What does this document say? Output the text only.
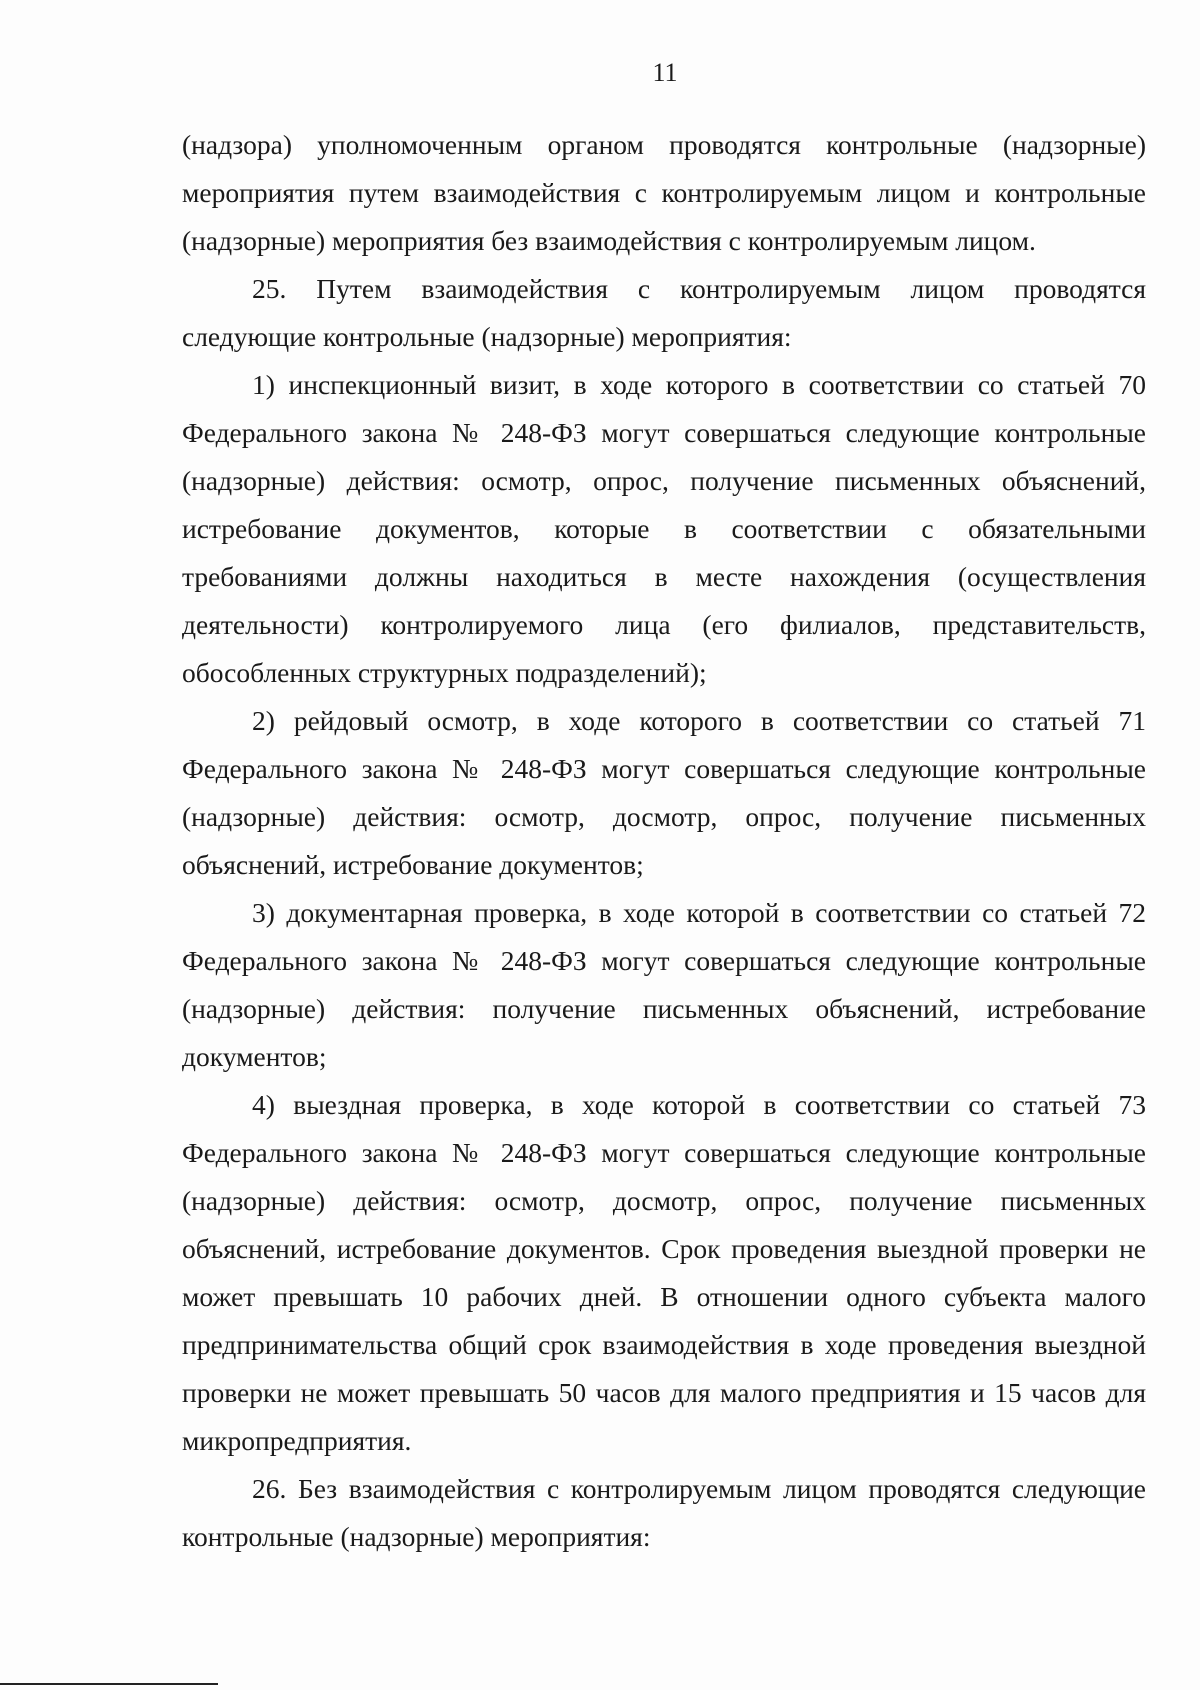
11

(надзора) уполномоченным органом проводятся контрольные (надзорные) мероприятия путем взаимодействия с контролируемым лицом и контрольные (надзорные) мероприятия без взаимодействия с контролируемым лицом.

25. Путем взаимодействия с контролируемым лицом проводятся следующие контрольные (надзорные) мероприятия:

1) инспекционный визит, в ходе которого в соответствии со статьей 70 Федерального закона № 248-ФЗ могут совершаться следующие контрольные (надзорные) действия: осмотр, опрос, получение письменных объяснений, истребование документов, которые в соответствии с обязательными требованиями должны находиться в месте нахождения (осуществления деятельности) контролируемого лица (его филиалов, представительств, обособленных структурных подразделений);

2) рейдовый осмотр, в ходе которого в соответствии со статьей 71 Федерального закона № 248-ФЗ могут совершаться следующие контрольные (надзорные) действия: осмотр, досмотр, опрос, получение письменных объяснений, истребование документов;

3) документарная проверка, в ходе которой в соответствии со статьей 72 Федерального закона № 248-ФЗ могут совершаться следующие контрольные (надзорные) действия: получение письменных объяснений, истребование документов;

4) выездная проверка, в ходе которой в соответствии со статьей 73 Федерального закона № 248-ФЗ могут совершаться следующие контрольные (надзорные) действия: осмотр, досмотр, опрос, получение письменных объяснений, истребование документов. Срок проведения выездной проверки не может превышать 10 рабочих дней. В отношении одного субъекта малого предпринимательства общий срок взаимодействия в ходе проведения выездной проверки не может превышать 50 часов для малого предприятия и 15 часов для микропредприятия.

26. Без взаимодействия с контролируемым лицом проводятся следующие контрольные (надзорные) мероприятия:
